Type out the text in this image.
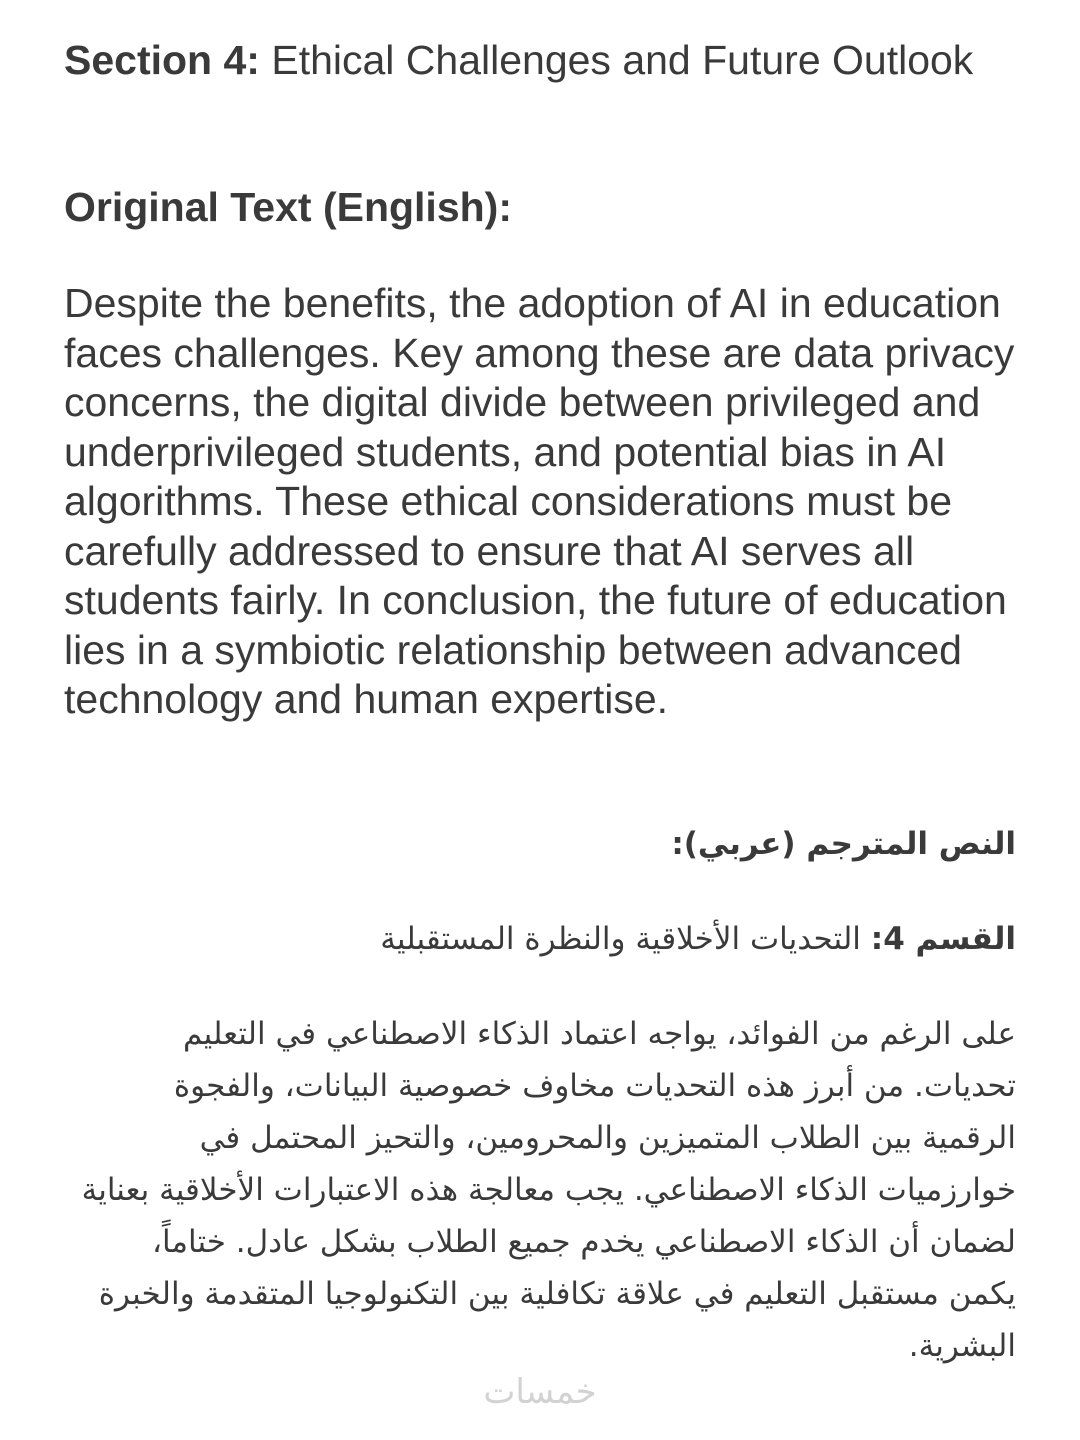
Section 4: Ethical Challenges and Future Outlook
Original Text (English):
Despite the benefits, the adoption of AI in education faces challenges. Key among these are data privacy concerns, the digital divide between privileged and underprivileged students, and potential bias in AI algorithms. These ethical considerations must be carefully addressed to ensure that AI serves all students fairly. In conclusion, the future of education lies in a symbiotic relationship between advanced technology and human expertise.
النص المترجم (عربي):
القسم 4: التحديات الأخلاقية والنظرة المستقبلية
على الرغم من الفوائد، يواجه اعتماد الذكاء الاصطناعي في التعليم تحديات. من أبرز هذه التحديات مخاوف خصوصية البيانات، والفجوة الرقمية بين الطلاب المتميزين والمحرومين، والتحيز المحتمل في خوارزميات الذكاء الاصطناعي. يجب معالجة هذه الاعتبارات الأخلاقية بعناية لضمان أن الذكاء الاصطناعي يخدم جميع الطلاب بشكل عادل. ختاماً، يكمن مستقبل التعليم في علاقة تكافلية بين التكنولوجيا المتقدمة والخبرة البشرية.
خمسات
